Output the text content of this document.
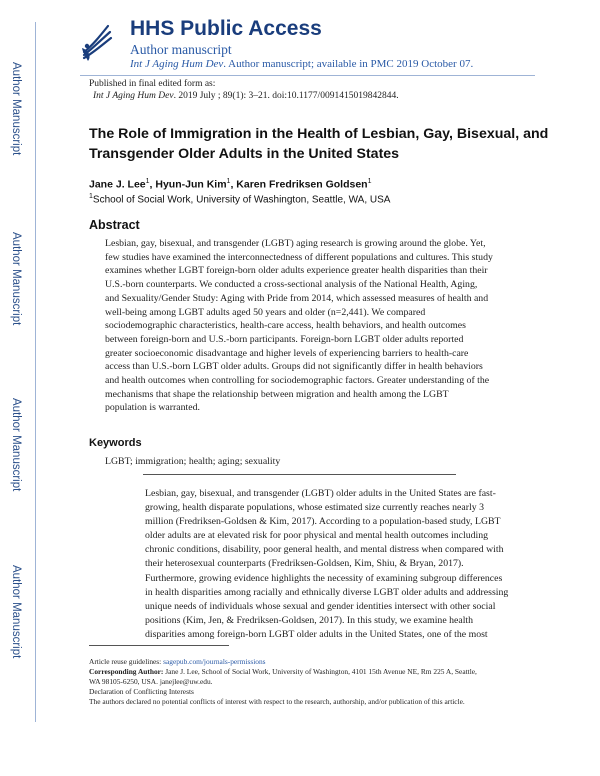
Author Manuscript
Author Manuscript
Author Manuscript
Author Manuscript
HHS Public Access
Author manuscript
Int J Aging Hum Dev. Author manuscript; available in PMC 2019 October 07.
Published in final edited form as:
Int J Aging Hum Dev. 2019 July ; 89(1): 3–21. doi:10.1177/0091415019842844.
The Role of Immigration in the Health of Lesbian, Gay, Bisexual, and Transgender Older Adults in the United States
Jane J. Lee$^1$, Hyun-Jun Kim$^1$, Karen Fredriksen Goldsen$^1$
$^1$School of Social Work, University of Washington, Seattle, WA, USA
Abstract
Lesbian, gay, bisexual, and transgender (LGBT) aging research is growing around the globe. Yet,
few studies have examined the interconnectedness of different populations and cultures. This study
examines whether LGBT foreign-born older adults experience greater health disparities than their
U.S.-born counterparts. We conducted a cross-sectional analysis of the National Health, Aging,
and Sexuality/Gender Study: Aging with Pride from 2014, which assessed measures of health and
well-being among LGBT adults aged 50 years and older (n=2,441). We compared
sociodemographic characteristics, health-care access, health behaviors, and health outcomes
between foreign-born and U.S.-born participants. Foreign-born LGBT older adults reported
greater socioeconomic disadvantage and higher levels of experiencing barriers to health-care
access than U.S.-born LGBT older adults. Groups did not significantly differ in health behaviors
and health outcomes when controlling for sociodemographic factors. Greater understanding of the
mechanisms that shape the relationship between migration and health among the LGBT
population is warranted.
Keywords
LGBT; immigration; health; aging; sexuality
Lesbian, gay, bisexual, and transgender (LGBT) older adults in the United States are fast-
growing, health disparate populations, whose estimated size currently reaches nearly 3
million (Fredriksen-Goldsen & Kim, 2017). According to a population-based study, LGBT
older adults are at elevated risk for poor physical and mental health outcomes including
chronic conditions, disability, poor general health, and mental distress when compared with
their heterosexual counterparts (Fredriksen-Goldsen, Kim, Shiu, & Bryan, 2017).
Furthermore, growing evidence highlights the necessity of examining subgroup differences
in health disparities among racially and ethnically diverse LGBT older adults and addressing
unique needs of individuals whose sexual and gender identities intersect with other social
positions (Kim, Jen, & Fredriksen-Goldsen, 2017). In this study, we examine health
disparities among foreign-born LGBT older adults in the United States, one of the most
Article reuse guidelines: sagepub.com/journals-permissions
Corresponding Author: Jane J. Lee, School of Social Work, University of Washington, 4101 15th Avenue NE, Rm 225 A, Seattle,
WA 98105-6250, USA. janejlee@uw.edu.
Declaration of Conflicting Interests
The authors declared no potential conflicts of interest with respect to the research, authorship, and/or publication of this article.
